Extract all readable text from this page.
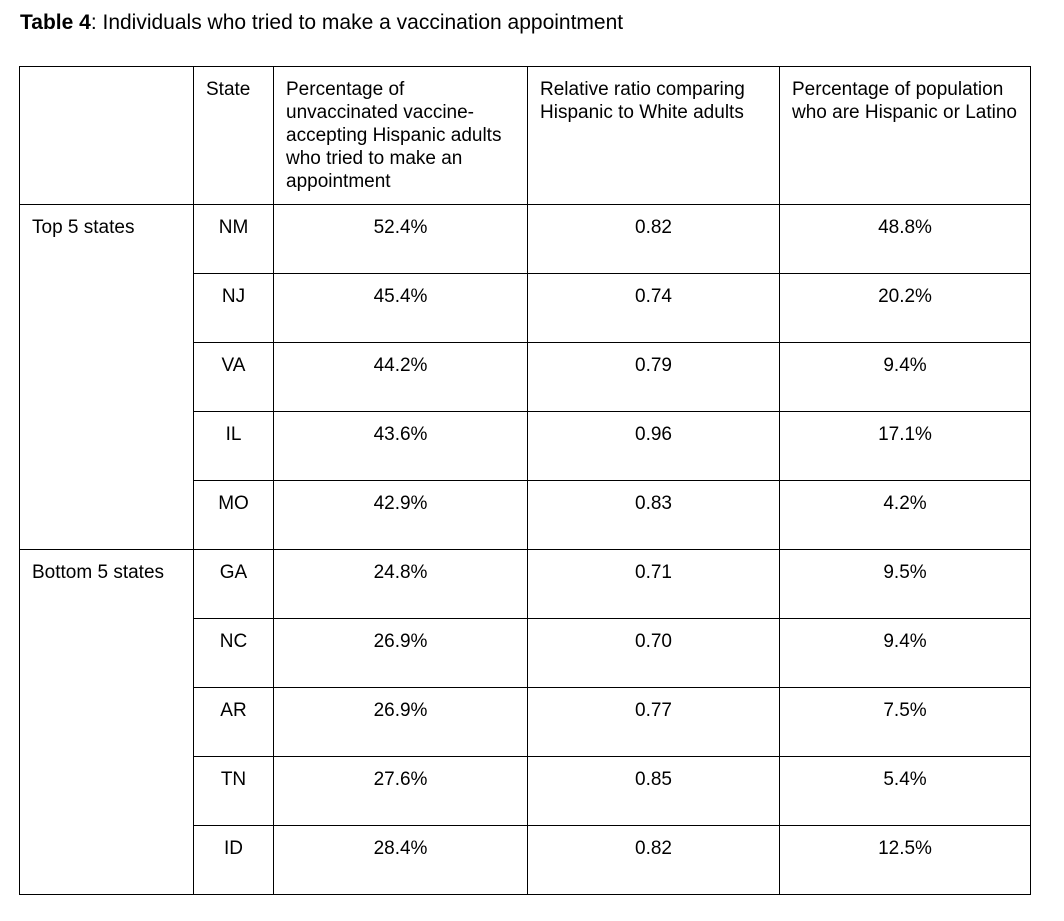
Table 4: Individuals who tried to make a vaccination appointment

	State	Percentage of unvaccinated vaccine-accepting Hispanic adults who tried to make an appointment	Relative ratio comparing Hispanic to White adults	Percentage of population who are Hispanic or Latino
Top 5 states	NM	52.4%	0.82	48.8%
	NJ	45.4%	0.74	20.2%
	VA	44.2%	0.79	9.4%
	IL	43.6%	0.96	17.1%
	MO	42.9%	0.83	4.2%
Bottom 5 states	GA	24.8%	0.71	9.5%
	NC	26.9%	0.70	9.4%
	AR	26.9%	0.77	7.5%
	TN	27.6%	0.85	5.4%
	ID	28.4%	0.82	12.5%
